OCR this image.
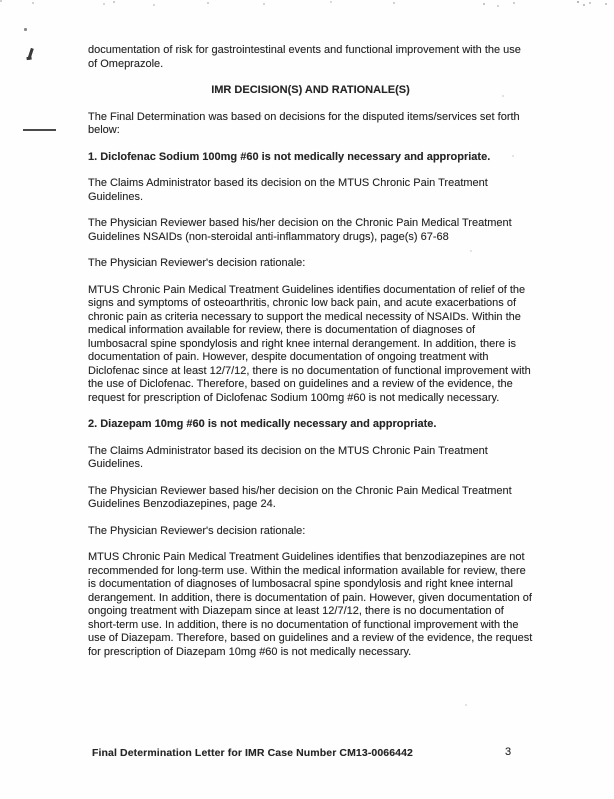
documentation of risk for gastrointestinal events and functional improvement with the use of Omeprazole.

IMR DECISION(S) AND RATIONALE(S)

The Final Determination was based on decisions for the disputed items/services set forth below:

1. Diclofenac Sodium 100mg #60 is not medically necessary and appropriate.

The Claims Administrator based its decision on the MTUS Chronic Pain Treatment Guidelines.

The Physician Reviewer based his/her decision on the Chronic Pain Medical Treatment Guidelines NSAIDs (non-steroidal anti-inflammatory drugs), page(s) 67-68

The Physician Reviewer's decision rationale:

MTUS Chronic Pain Medical Treatment Guidelines identifies documentation of relief of the signs and symptoms of osteoarthritis, chronic low back pain, and acute exacerbations of chronic pain as criteria necessary to support the medical necessity of NSAIDs. Within the medical information available for review, there is documentation of diagnoses of lumbosacral spine spondylosis and right knee internal derangement. In addition, there is documentation of pain. However, despite documentation of ongoing treatment with Diclofenac since at least 12/7/12, there is no documentation of functional improvement with the use of Diclofenac. Therefore, based on guidelines and a review of the evidence, the request for prescription of Diclofenac Sodium 100mg #60 is not medically necessary.

2. Diazepam 10mg #60 is not medically necessary and appropriate.

The Claims Administrator based its decision on the MTUS Chronic Pain Treatment Guidelines.

The Physician Reviewer based his/her decision on the Chronic Pain Medical Treatment Guidelines Benzodiazepines, page 24.

The Physician Reviewer's decision rationale:

MTUS Chronic Pain Medical Treatment Guidelines identifies that benzodiazepines are not recommended for long-term use. Within the medical information available for review, there is documentation of diagnoses of lumbosacral spine spondylosis and right knee internal derangement. In addition, there is documentation of pain. However, given documentation of ongoing treatment with Diazepam since at least 12/7/12, there is no documentation of short-term use. In addition, there is no documentation of functional improvement with the use of Diazepam. Therefore, based on guidelines and a review of the evidence, the request for prescription of Diazepam 10mg #60 is not medically necessary.

Final Determination Letter for IMR Case Number CM13-0066442	3
